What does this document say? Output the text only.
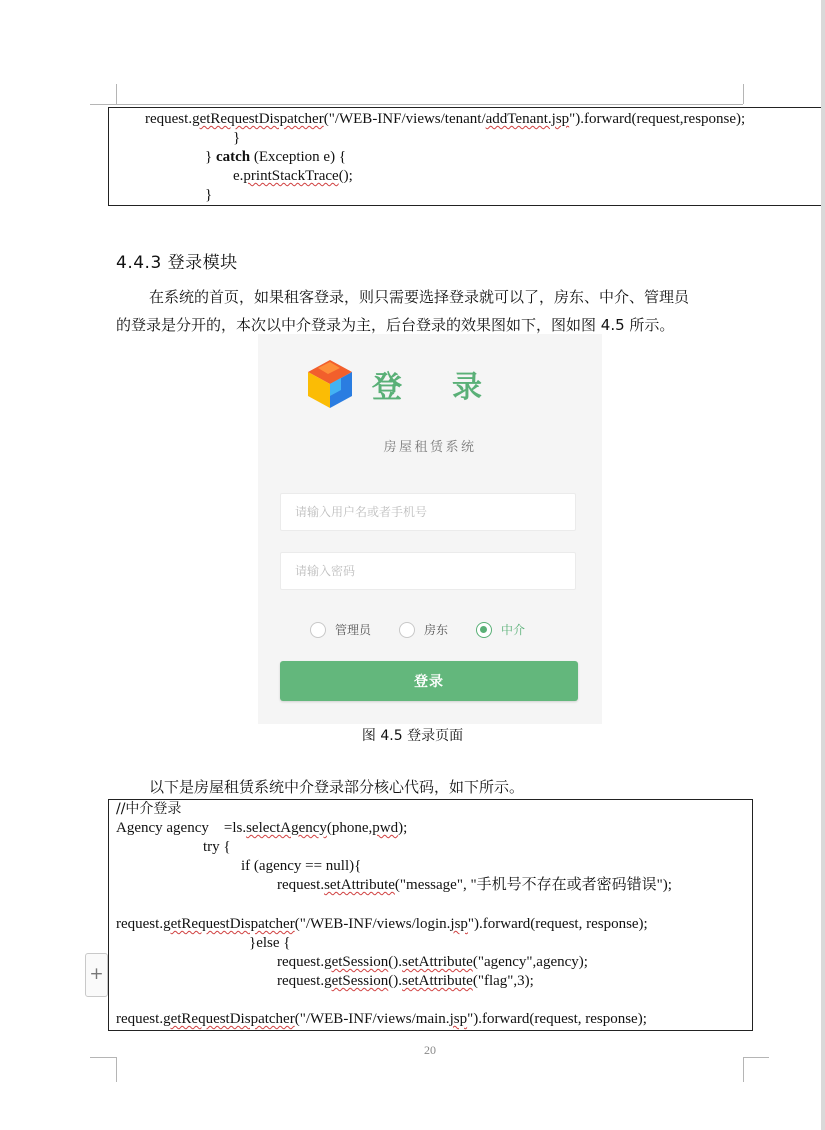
request.getRequestDispatcher("/WEB-INF/views/tenant/addTenant.jsp").forward(request,response);
}
} catch (Exception e) {
e.printStackTrace();
}
4.4.3 登录模块
在系统的首页，如果租客登录，则只需要选择登录就可以了，房东、中介、管理员
的登录是分开的，本次以中介登录为主，后台登录的效果图如下，图如图 4.5 所示。
登录
房屋租赁系统
请输入用户名或者手机号
管理员	房东	中介
登录
图 4.5 登录页面
以下是房屋租赁系统中介登录部分核心代码，如下所示。
//中介登录
Agency agency    =ls.selectAgency(phone,pwd);
try {
if (agency == null){
request.setAttribute("message", "手机号不存在或者密码错误");
request.getRequestDispatcher("/WEB-INF/views/login.jsp").forward(request, response);
}else {
request.getSession().setAttribute("agency",agency);
request.getSession().setAttribute("flag",3);
request.getRequestDispatcher("/WEB-INF/views/main.jsp").forward(request, response);
+
20
